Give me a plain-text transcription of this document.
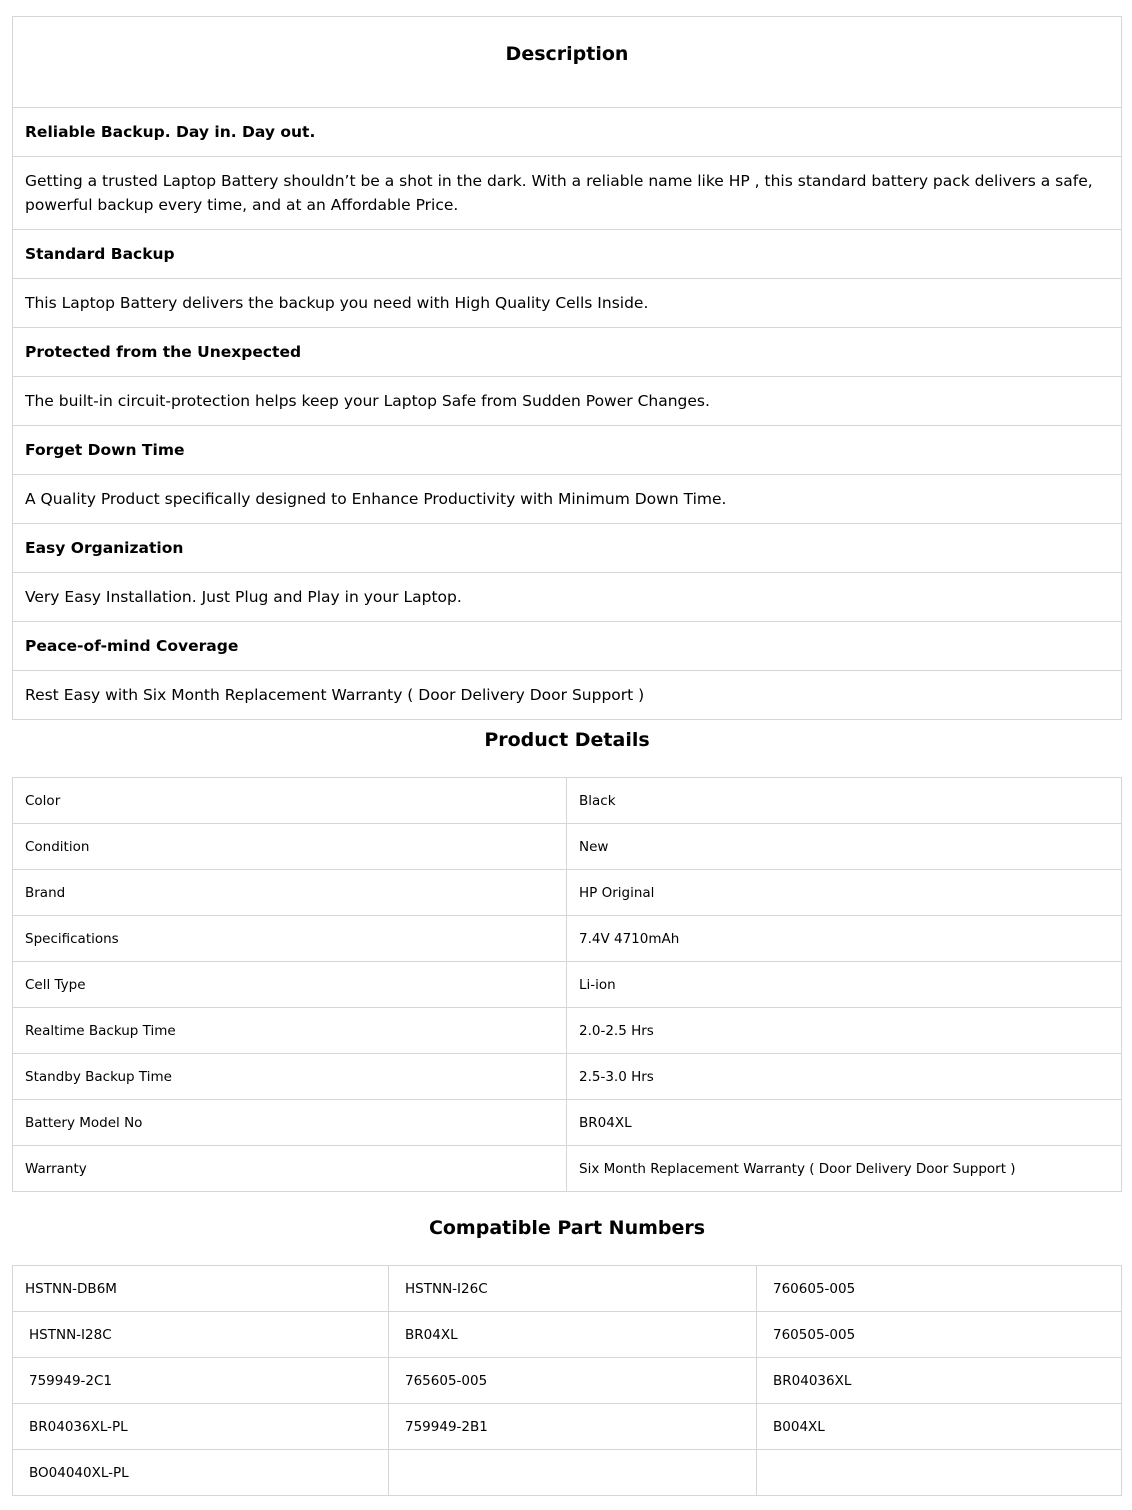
Description
Reliable Backup. Day in. Day out.
Getting a trusted Laptop Battery shouldn’t be a shot in the dark. With a reliable name like HP , this standard battery pack delivers a safe, powerful backup every time, and at an Affordable Price.
Standard Backup
This Laptop Battery delivers the backup you need with High Quality Cells Inside.
Protected from the Unexpected
The built-in circuit-protection helps keep your Laptop Safe from Sudden Power Changes.
Forget Down Time
A Quality Product specifically designed to Enhance Productivity with Minimum Down Time.
Easy Organization
Very Easy Installation. Just Plug and Play in your Laptop.
Peace-of-mind Coverage
Rest Easy with Six Month Replacement Warranty ( Door Delivery Door Support )
Product Details
Color	Black
Condition	New
Brand	HP Original
Specifications	7.4V 4710mAh
Cell Type	Li-ion
Realtime Backup Time	2.0-2.5 Hrs
Standby Backup Time	2.5-3.0 Hrs
Battery Model No	BR04XL
Warranty	Six Month Replacement Warranty ( Door Delivery Door Support )
Compatible Part Numbers
HSTNN-DB6M	HSTNN-I26C	760605-005
HSTNN-I28C	BR04XL	760505-005
759949-2C1	765605-005	BR04036XL
BR04036XL-PL	759949-2B1	B004XL
BO04040XL-PL		
